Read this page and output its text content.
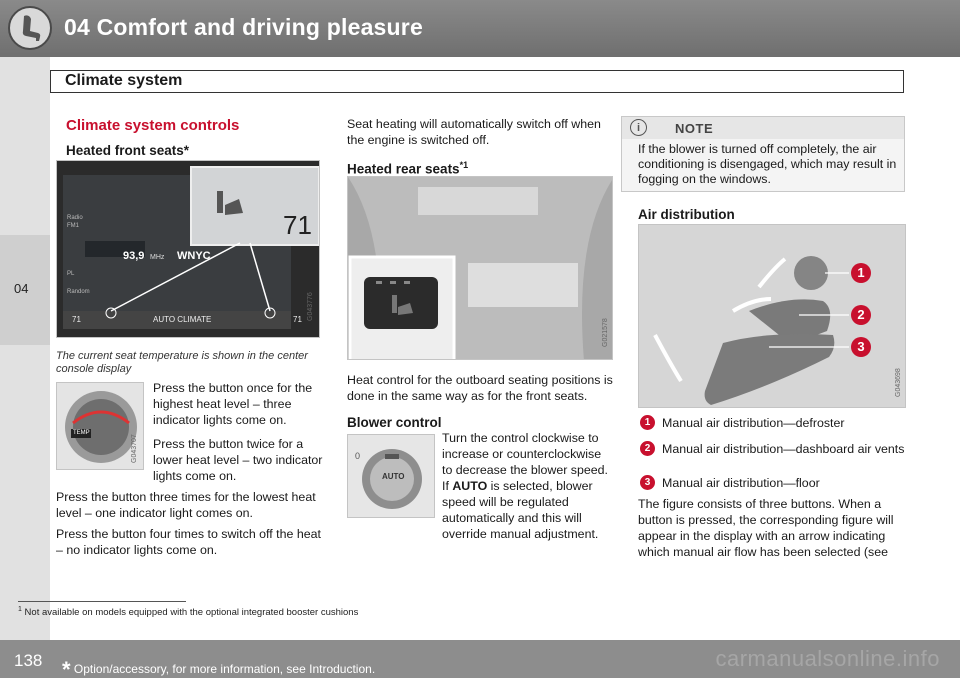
04 Comfort and driving pleasure
04
Climate system
Climate system controls
Heated front seats*
Radio
FM1
93,9 MHz WNYC
PL
Random
71	AUTO CLIMATE	71
71
G043776
The current seat temperature is shown in the center console display
TEMP
G043707
Press the button once for the highest heat level – three indicator lights come on.
Press the button twice for a lower heat level – two indicator lights come on.
Press the button three times for the lowest heat level – one indicator light comes on.
Press the button four times to switch off the heat – no indicator lights come on.
Seat heating will automatically switch off when the engine is switched off.
Heated rear seats$^{*1}$
G021578
Heat control for the outboard seating positions is done in the same way as for the front seats.
Blower control
0
AUTO
Turn the control clockwise to increase or counterclockwise to decrease the blower speed. If AUTO is selected, blower speed will be regulated automatically and this will override manual adjustment.
i	NOTE
If the blower is turned off completely, the air conditioning is disengaged, which may result in fogging on the windows.
Air distribution
1
2
3
G043698
1 Manual air distribution—defroster
2 Manual air distribution—dashboard air vents
3 Manual air distribution—floor
The figure consists of three buttons. When a button is pressed, the corresponding figure will appear in the display with an arrow indicating which manual air flow has been selected (see
$^1$ Not available on models equipped with the optional integrated booster cushions
138 * Option/accessory, for more information, see Introduction.	carmanualsonline.info
